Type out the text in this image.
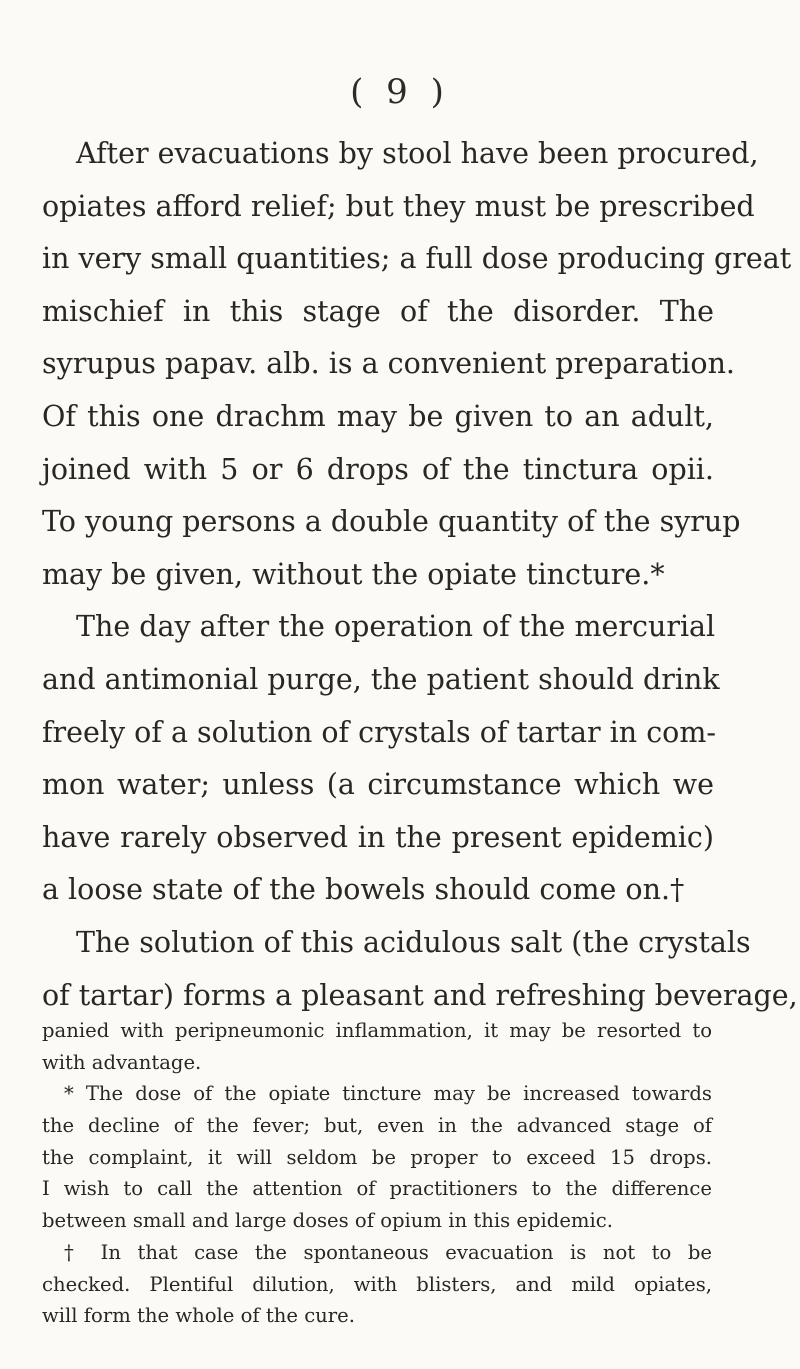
( 9 )
After evacuations by stool have been procured,
opiates afford relief; but they must be prescribed
in very small quantities; a full dose producing great
mischief in this stage of the disorder. The
syrupus papav. alb. is a convenient preparation.
Of this one drachm may be given to an adult,
joined with 5 or 6 drops of the tinctura opii.
To young persons a double quantity of the syrup
may be given, without the opiate tincture.*
The day after the operation of the mercurial
and antimonial purge, the patient should drink
freely of a solution of crystals of tartar in com-
mon water; unless (a circumstance which we
have rarely observed in the present epidemic)
a loose state of the bowels should come on.†
The solution of this acidulous salt (the crystals
of tartar) forms a pleasant and refreshing beverage,
panied with peripneumonic inflammation, it may be resorted to
with advantage.
* The dose of the opiate tincture may be increased towards
the decline of the fever; but, even in the advanced stage of
the complaint, it will seldom be proper to exceed 15 drops.
I wish to call the attention of practitioners to the difference
between small and large doses of opium in this epidemic.
† In that case the spontaneous evacuation is not to be
checked. Plentiful dilution, with blisters, and mild opiates,
will form the whole of the cure.
